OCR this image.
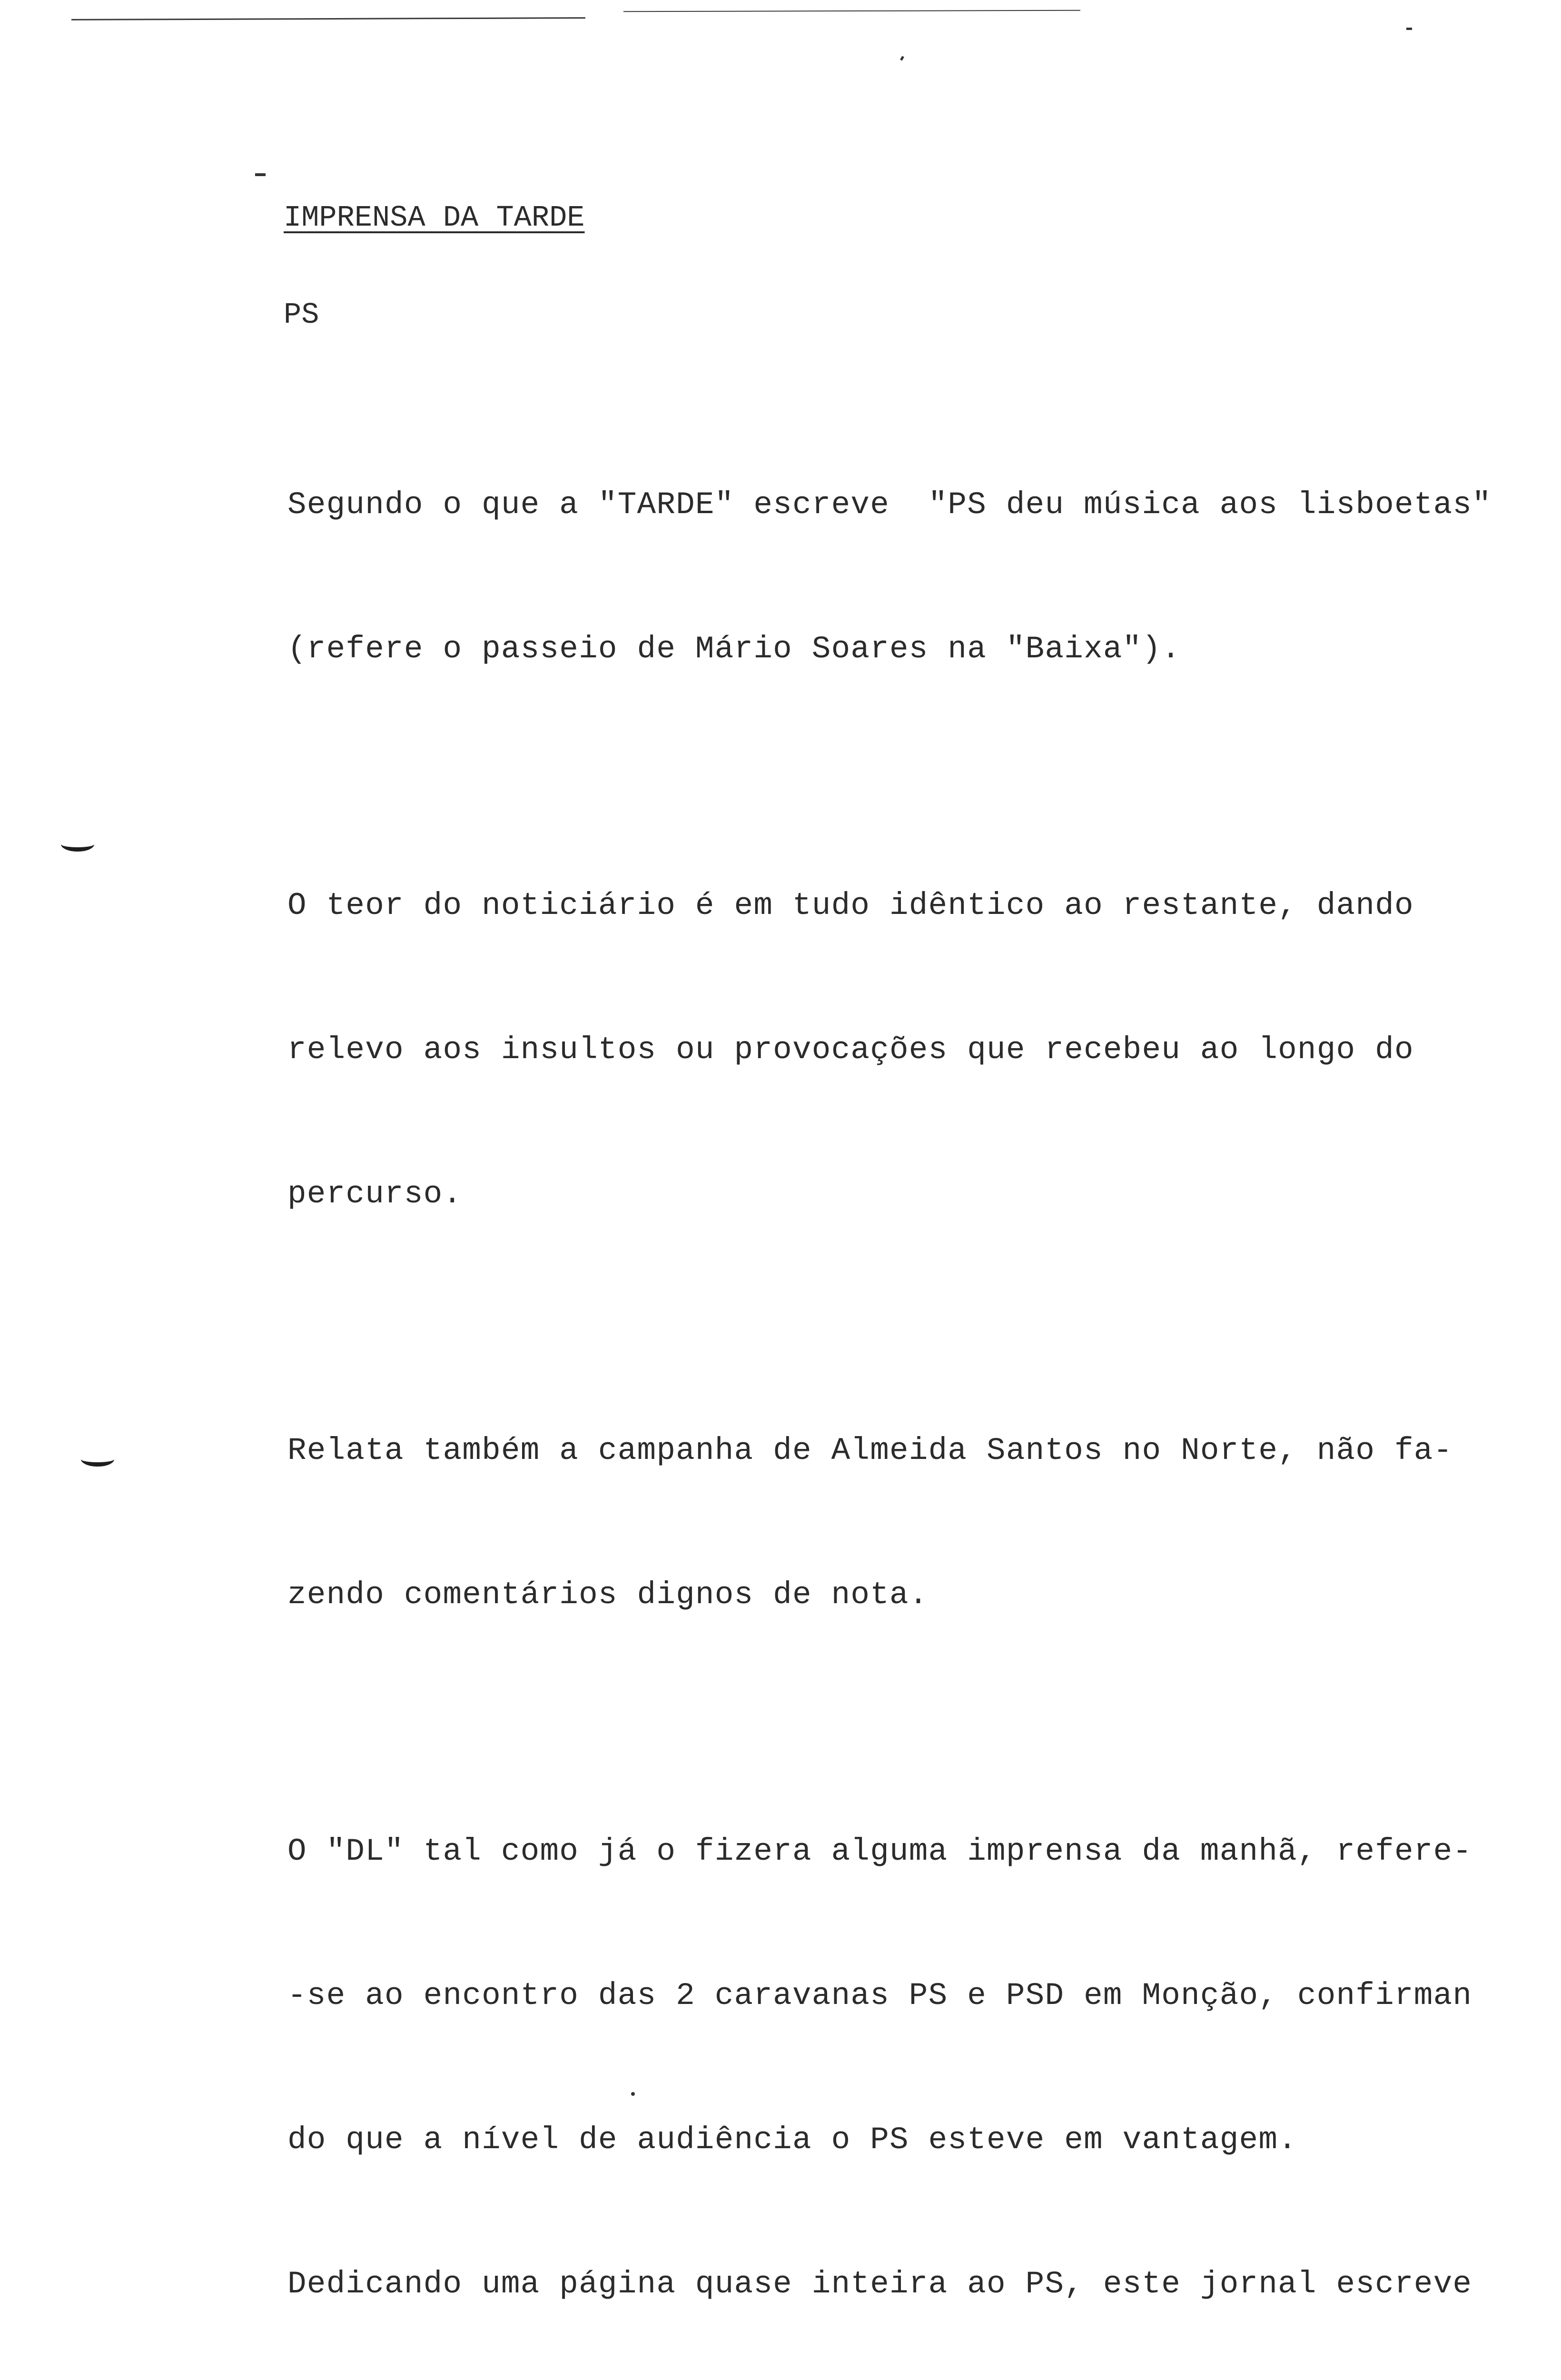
IMPRENSA DA TARDE
PS

Segundo o que a "TARDE" escreve  "PS deu música aos lisboetas"

(refere o passeio de Mário Soares na "Baixa").

O teor do noticiário é em tudo idêntico ao restante, dando

relevo aos insultos ou provocações que recebeu ao longo do

percurso.

Relata também a campanha de Almeida Santos no Norte, não fa-

zendo comentários dignos de nota.

O "DL" tal como já o fizera alguma imprensa da manhã, refere-

-se ao encontro das 2 caravanas PS e PSD em Monção, confirman

do que a nível de audiência o PS esteve em vantagem.

Dedicando uma página quase inteira ao PS, este jornal escreve
